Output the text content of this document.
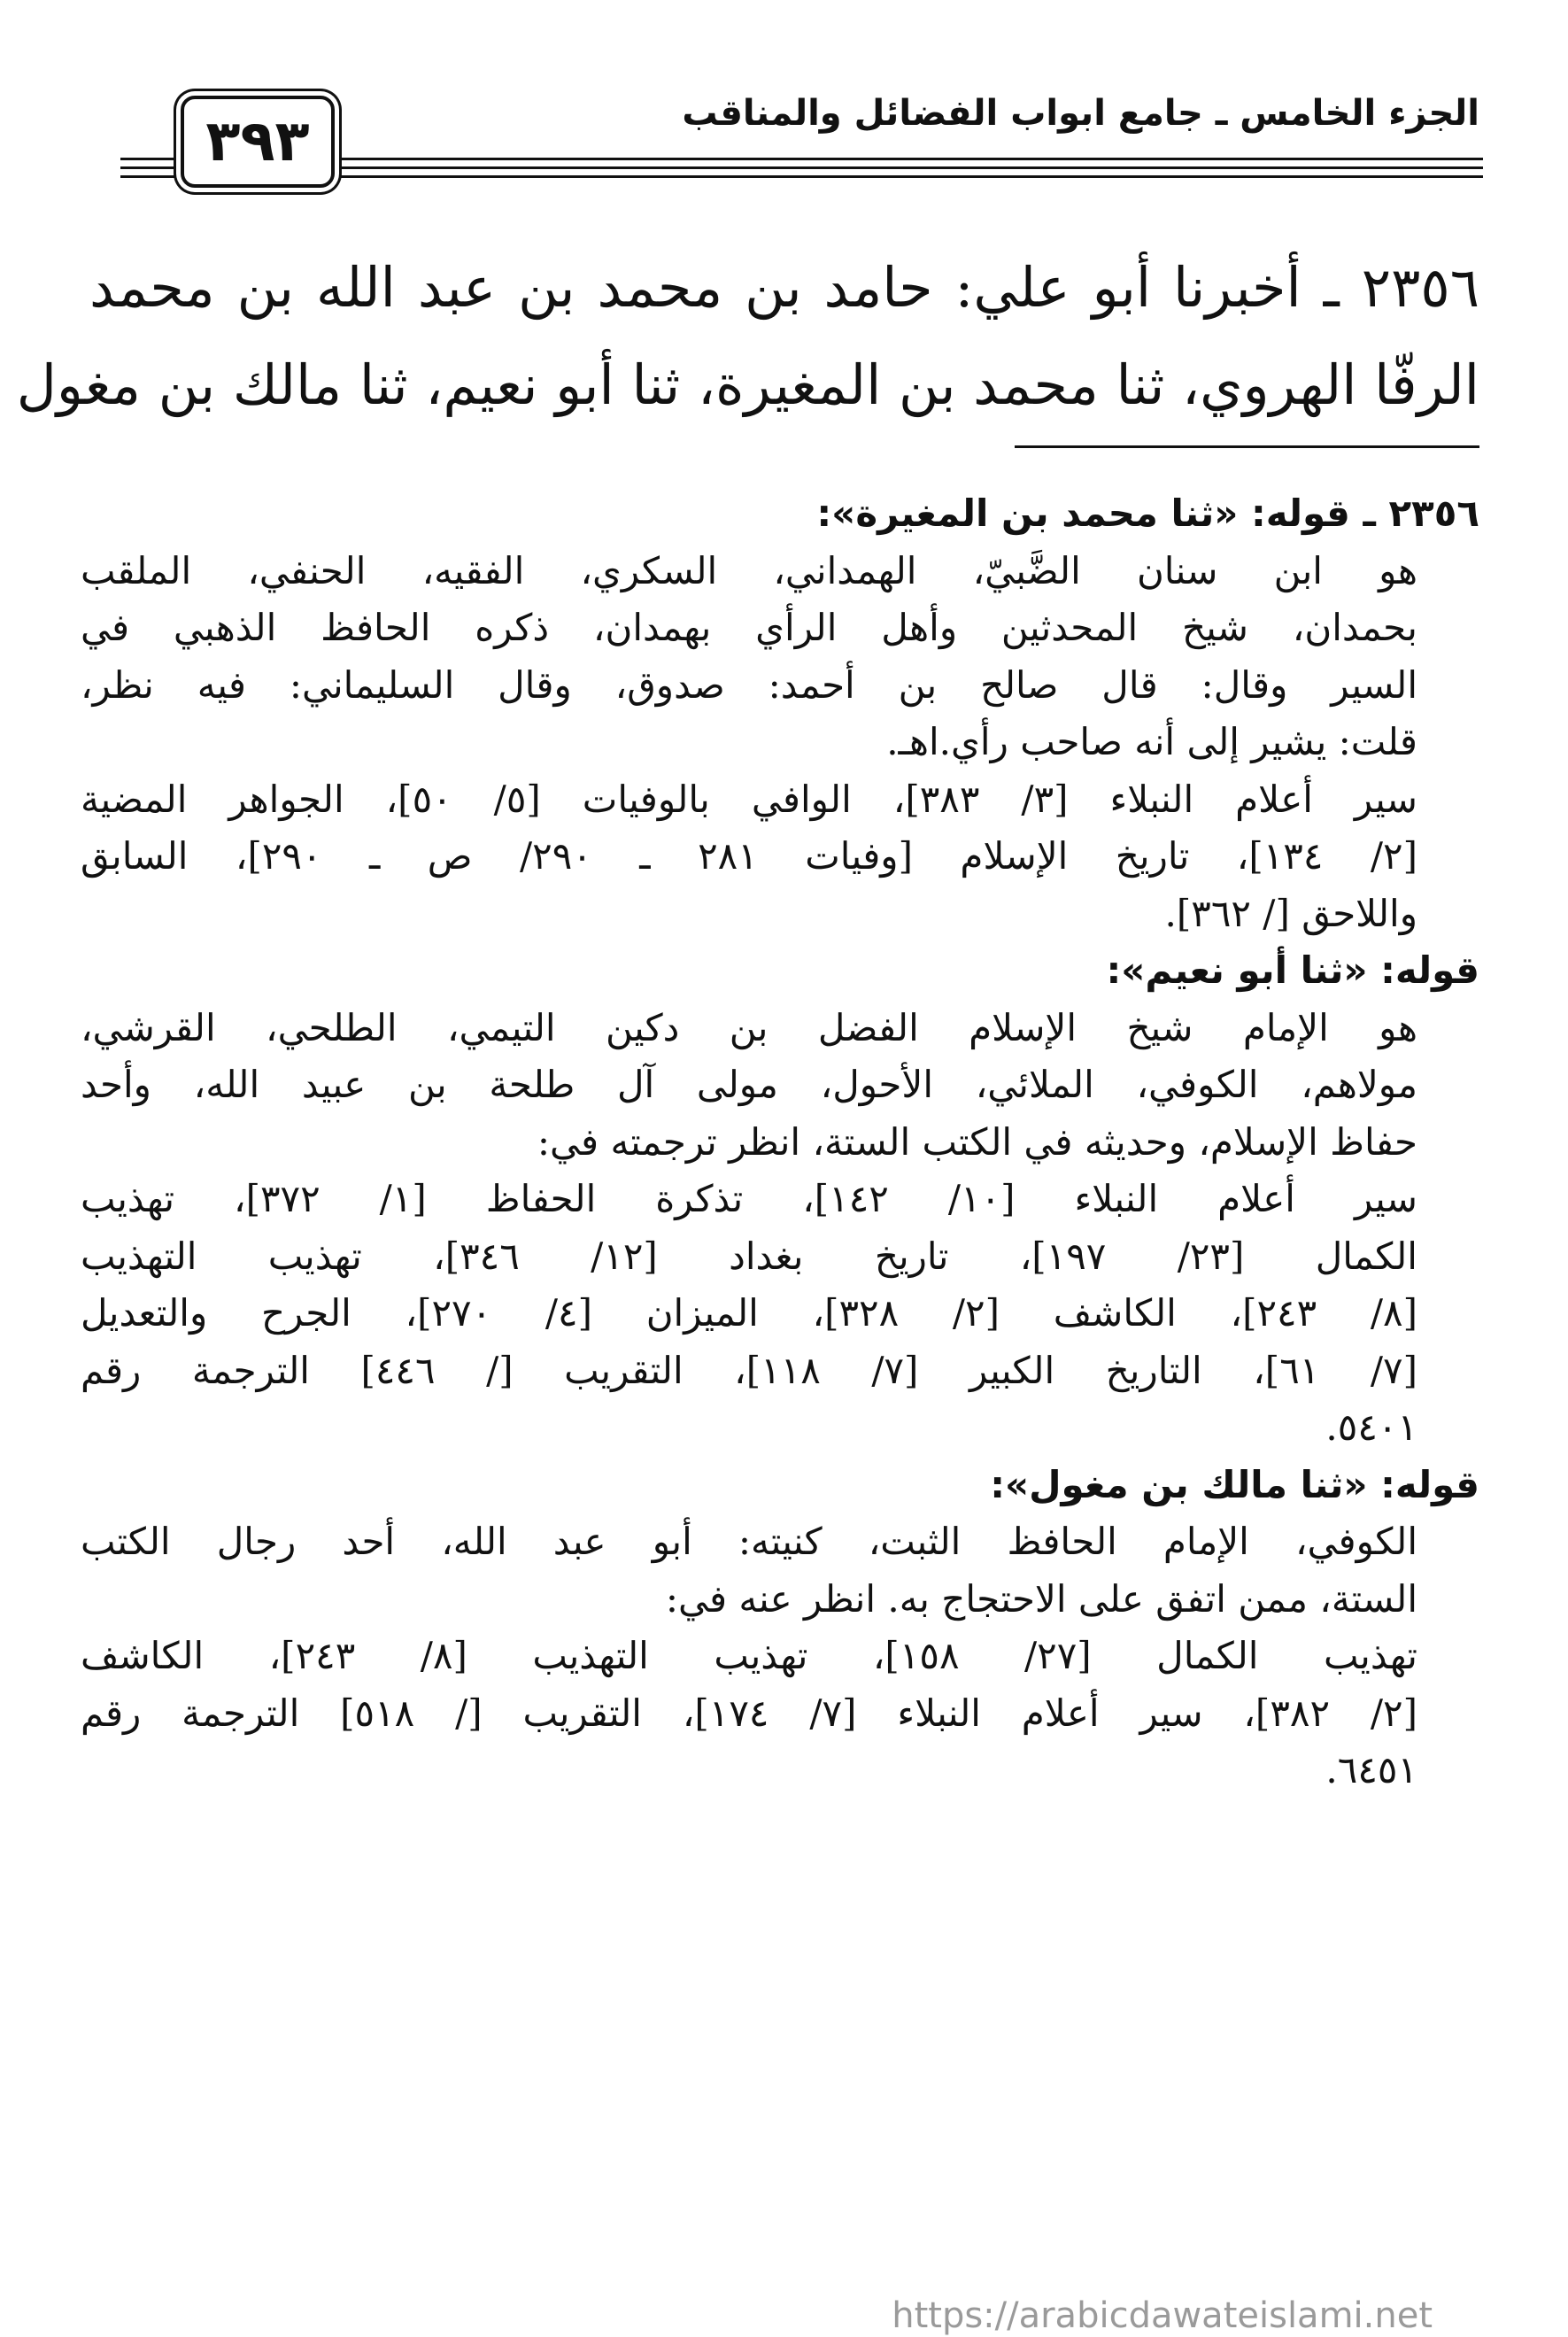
الجزء الخامس ـ جامع ابواب الفضائل والمناقب
٣٩٣
٢٣٥٦ ـ أخبرنا أبو علي: حامد بن محمد بن عبد الله بن محمد
الرفّا الهروي، ثنا محمد بن المغيرة، ثنا أبو نعيم، ثنا مالك بن مغول
٢٣٥٦ ـ قوله: «ثنا محمد بن المغيرة»:
هو ابن سنان الضَّبيّ، الهمداني، السكري، الفقيه، الحنفي، الملقب
بحمدان، شيخ المحدثين وأهل الرأي بهمدان، ذكره الحافظ الذهبي في
السير وقال: قال صالح بن أحمد: صدوق، وقال السليماني: فيه نظر،
قلت: يشير إلى أنه صاحب رأي.اهـ.
سير أعلام النبلاء [٣/ ٣٨٣]، الوافي بالوفيات [٥/ ٥٠]، الجواهر المضية
[٢/ ١٣٤]، تاريخ الإسلام [وفيات ٢٨١ ـ ٢٩٠/ ص ـ ٢٩٠]، السابق
واللاحق [/ ٣٦٢].
قوله: «ثنا أبو نعيم»:
هو الإمام شيخ الإسلام الفضل بن دكين التيمي، الطلحي، القرشي،
مولاهم، الكوفي، الملائي، الأحول، مولى آل طلحة بن عبيد الله، وأحد
حفاظ الإسلام، وحديثه في الكتب الستة، انظر ترجمته في:
سير أعلام النبلاء [١٠/ ١٤٢]، تذكرة الحفاظ [١/ ٣٧٢]، تهذيب
الكمال [٢٣/ ١٩٧]، تاريخ بغداد [١٢/ ٣٤٦]، تهذيب التهذيب
[٨/ ٢٤٣]، الكاشف [٢/ ٣٢٨]، الميزان [٤/ ٢٧٠]، الجرح والتعديل
[٧/ ٦١]، التاريخ الكبير [٧/ ١١٨]، التقريب [/ ٤٤٦] الترجمة رقم
٥٤٠١.
قوله: «ثنا مالك بن مغول»:
الكوفي، الإمام الحافظ الثبت، كنيته: أبو عبد الله، أحد رجال الكتب
الستة، ممن اتفق على الاحتجاج به. انظر عنه في:
تهذيب الكمال [٢٧/ ١٥٨]، تهذيب التهذيب [٨/ ٢٤٣]، الكاشف
[٢/ ٣٨٢]، سير أعلام النبلاء [٧/ ١٧٤]، التقريب [/ ٥١٨] الترجمة رقم
٦٤٥١.
https://arabicdawateislami.net
